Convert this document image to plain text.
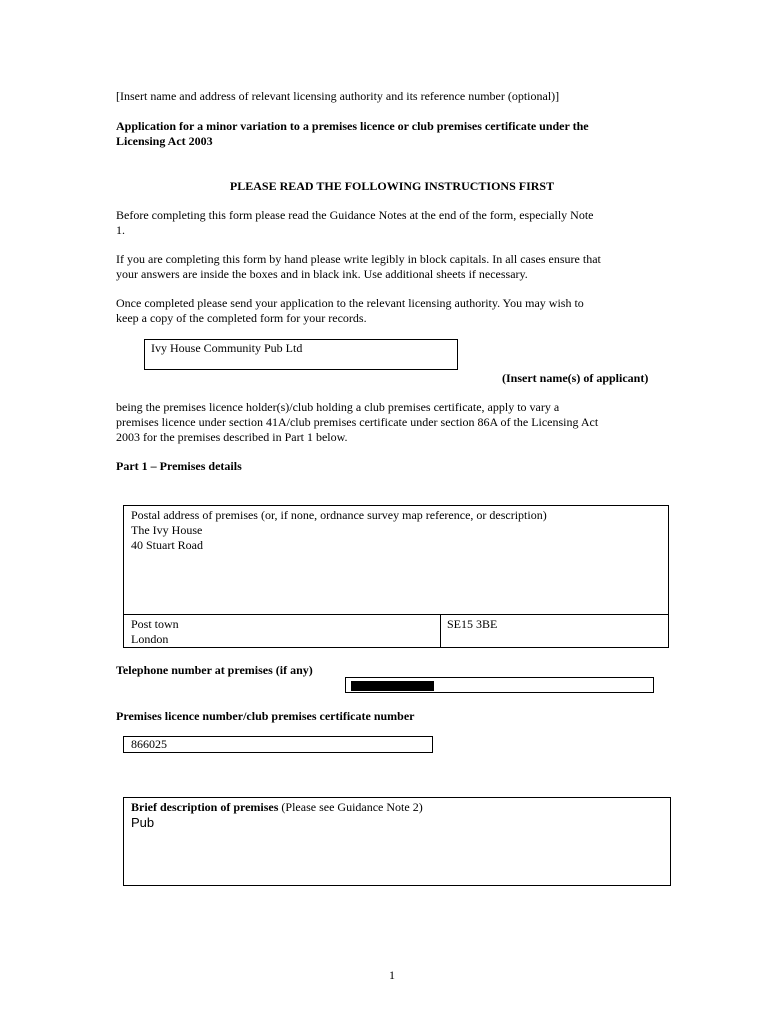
[Insert name and address of relevant licensing authority and its reference number (optional)]
Application for a minor variation to a premises licence or club premises certificate under the
Licensing Act 2003
PLEASE READ THE FOLLOWING INSTRUCTIONS FIRST
Before completing this form please read the Guidance Notes at the end of the form, especially Note
1.
If you are completing this form by hand please write legibly in block capitals. In all cases ensure that
your answers are inside the boxes and in black ink. Use additional sheets if necessary.
Once completed please send your application to the relevant licensing authority. You may wish to
keep a copy of the completed form for your records.
Ivy House Community Pub Ltd
(Insert name(s) of applicant)
being the premises licence holder(s)/club holding a club premises certificate, apply to vary a
premises licence under section 41A/club premises certificate under section 86A of the Licensing Act
2003 for the premises described in Part 1 below.
Part 1 – Premises details
Postal address of premises (or, if none, ordnance survey map reference, or description)
The Ivy House
40 Stuart Road
Post town
London
SE15 3BE
Telephone number at premises (if any)
Premises licence number/club premises certificate number
866025
Brief description of premises (Please see Guidance Note 2)
Pub
1
